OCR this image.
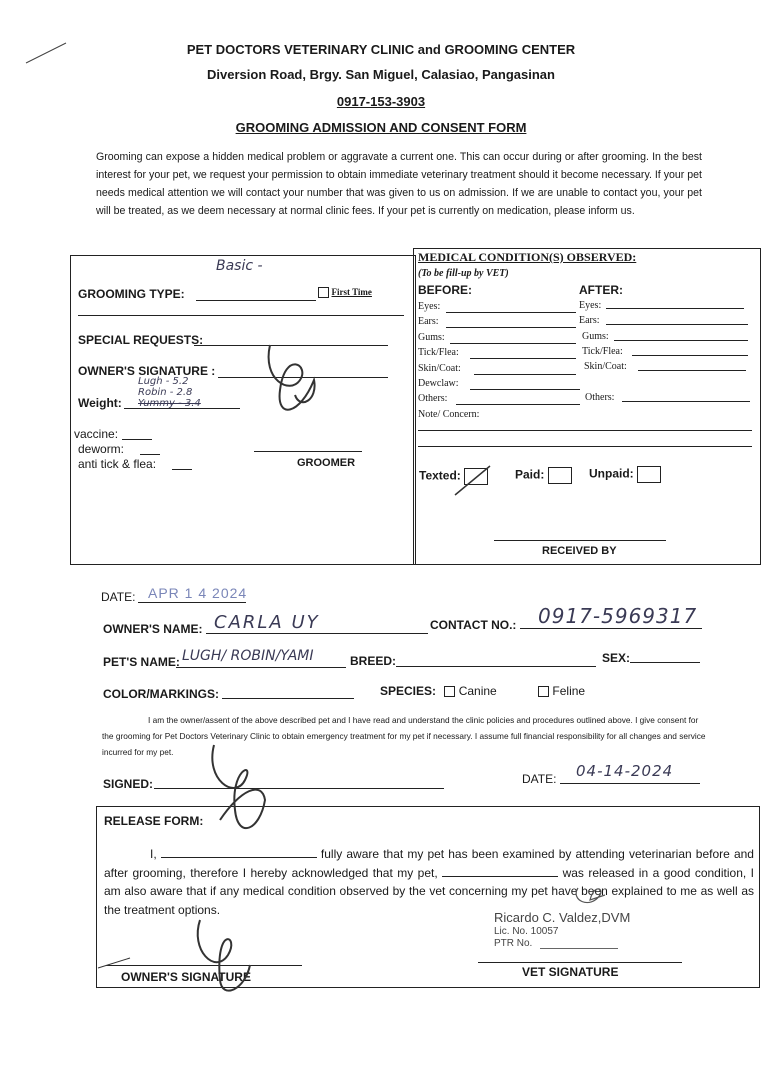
PET DOCTORS VETERINARY CLINIC and GROOMING CENTER
Diversion Road, Brgy. San Miguel, Calasiao, Pangasinan
0917-153-3903
GROOMING ADMISSION AND CONSENT FORM
Grooming can expose a hidden medical problem or aggravate a current one. This can occur during or after grooming. In the best interest for your pet, we request your permission to obtain immediate veterinary treatment should it become necessary. If your pet needs medical attention we will contact your number that was given to us on admission. If we are unable to contact you, your pet will be treated, as we deem necessary at normal clinic fees. If your pet is currently on medication, please inform us.
Basic -
GROOMING TYPE:	First Time
SPECIAL REQUESTS:
OWNER'S SIGNATURE :
Weight:
Lugh - 5.2
Robin - 2.8
Yummy - 3.4
vaccine:
deworm:
anti tick & flea:	GROOMER
MEDICAL CONDITION(S) OBSERVED:
(To be fill-up by VET)
BEFORE:	AFTER:
Eyes:
Ears:
Gums:
Tick/Flea:
Skin/Coat:
Dewclaw:
Others:
Note/ Concern:
Eyes:
Ears:
Gums:
Tick/Flea:
Skin/Coat:
Others:
Texted:	Paid:	Unpaid:
RECEIVED BY
DATE: APR 1 4 2024
OWNER'S NAME: CARLA UY	CONTACT NO.: 0917-5969317
PET'S NAME: LUGH/ ROBIN/YAMI	BREED:	SEX:
COLOR/MARKINGS:	SPECIES: Canine	Feline
I am the owner/assent of the above described pet and I have read and understand the clinic policies and procedures outlined above. I give consent for the grooming for Pet Doctors Veterinary Clinic to obtain emergency treatment for my pet if necessary. I assume full financial responsibility for all changes and service incurred for my pet.
SIGNED:	DATE: 04-14-2024
RELEASE FORM:
I,	fully aware that my pet has been examined by attending veterinarian before and after grooming, therefore I hereby acknowledged that my pet,	was released in a good condition, I am also aware that if any medical condition observed by the vet concerning my pet have been explained to me as well as the treatment options.
Ricardo C. Valdez,DVM
Lic. No. 10057
PTR No.
OWNER'S SIGNATURE	VET SIGNATURE
